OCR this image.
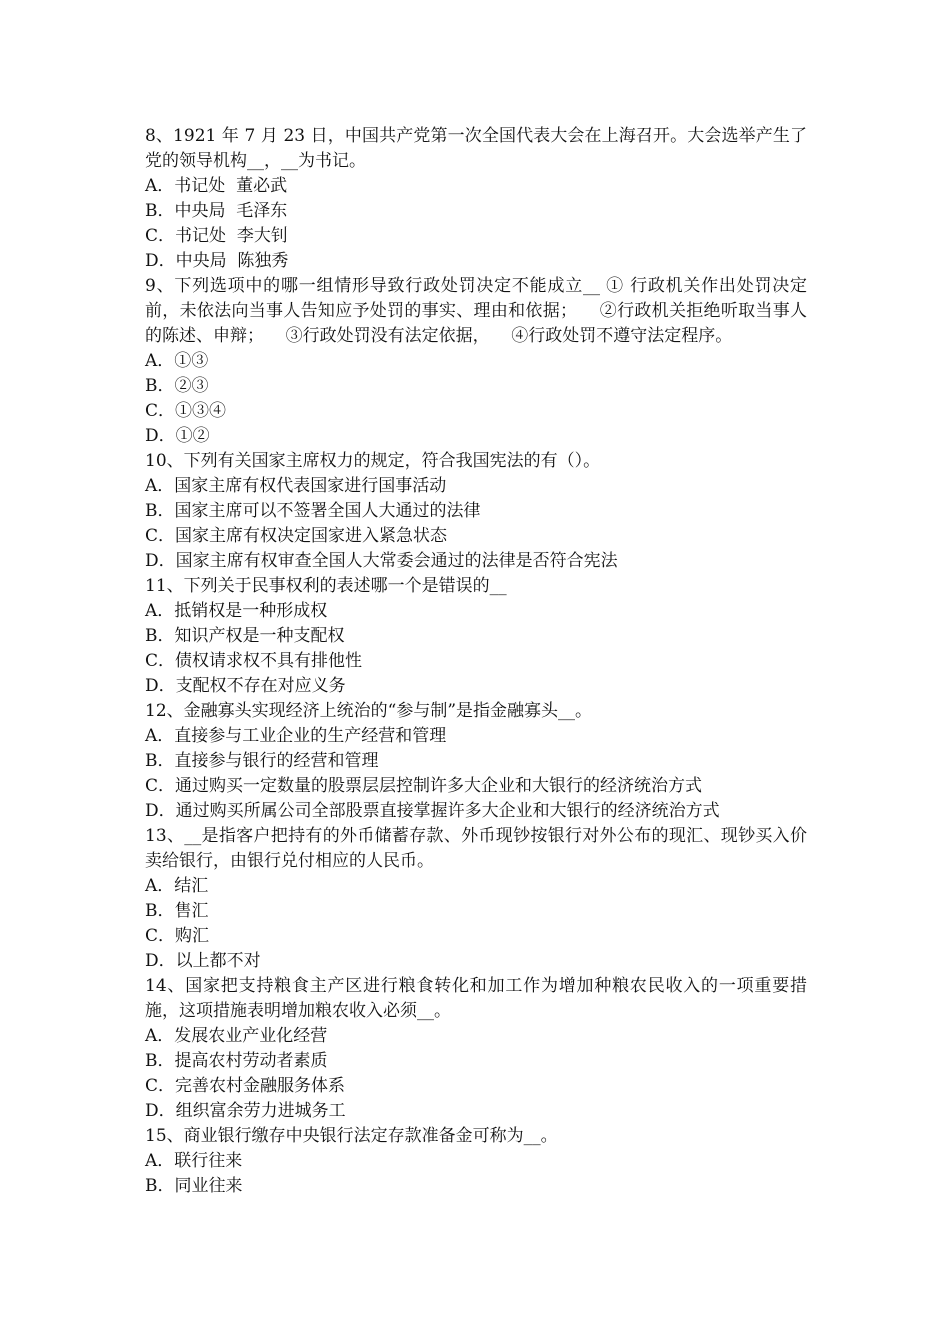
8、1921 年 7 月 23 日，中国共产党第一次全国代表大会在上海召开。大会选举产生了党的领导机构__，__为书记。

A．书记处  董必武

B．中央局  毛泽东

C．书记处  李大钊

D．中央局  陈独秀

9、下列选项中的哪一组情形导致行政处罚决定不能成立__ ① 行政机关作出处罚决定前，未依法向当事人告知应予处罚的事实、理由和依据；    ②行政机关拒绝听取当事人的陈述、申辩；    ③行政处罚没有法定依据，    ④行政处罚不遵守法定程序。

A．①③

B．②③

C．①③④

D．①②

10、下列有关国家主席权力的规定，符合我国宪法的有（）。

A．国家主席有权代表国家进行国事活动

B．国家主席可以不签署全国人大通过的法律

C．国家主席有权决定国家进入紧急状态

D．国家主席有权审查全国人大常委会通过的法律是否符合宪法

11、下列关于民事权利的表述哪一个是错误的__

A．抵销权是一种形成权

B．知识产权是一种支配权

C．债权请求权不具有排他性

D．支配权不存在对应义务

12、金融寡头实现经济上统治的“参与制”是指金融寡头__。

A．直接参与工业企业的生产经营和管理

B．直接参与银行的经营和管理

C．通过购买一定数量的股票层层控制许多大企业和大银行的经济统治方式

D．通过购买所属公司全部股票直接掌握许多大企业和大银行的经济统治方式

13、__是指客户把持有的外币储蓄存款、外币现钞按银行对外公布的现汇、现钞买入价卖给银行，由银行兑付相应的人民币。

A．结汇

B．售汇

C．购汇

D．以上都不对

14、国家把支持粮食主产区进行粮食转化和加工作为增加种粮农民收入的一项重要措施，这项措施表明增加粮农收入必须__。

A．发展农业产业化经营

B．提高农村劳动者素质

C．完善农村金融服务体系

D．组织富余劳力进城务工

15、商业银行缴存中央银行法定存款准备金可称为__。

A．联行往来

B．同业往来
